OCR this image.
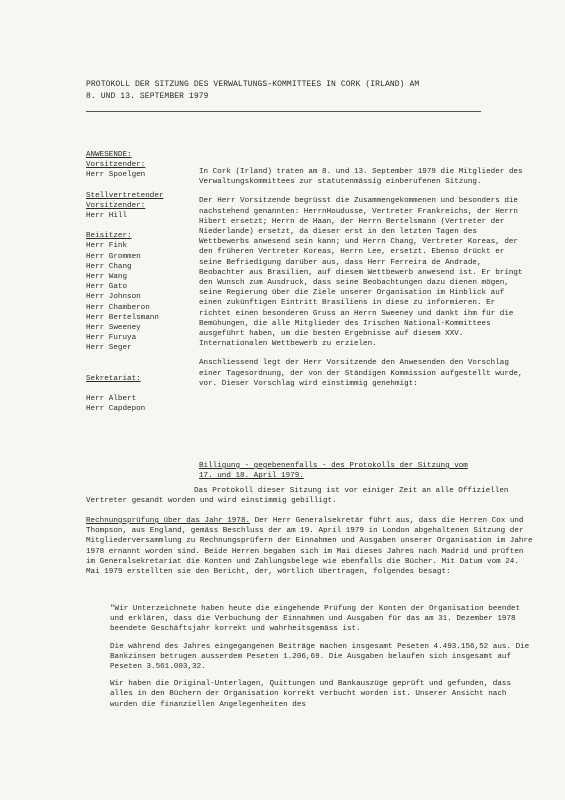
PROTOKOLL DER SITZUNG DES VERWALTUNGS-KOMMITTEES IN CORK (IRLAND) AM
8. UND 13. SEPTEMBER 1979
ANWESENDE:
Vorsitzender:
Herr Spoelgen
Stellvertretender
Vorsitzender:
Herr Hill
Beisitzer:
Herr Fink
Herr Grommen
Herr Chang
Herr Wang
Herr Gato
Herr Johnson
Herr Chamberon
Herr Bertelsmann
Herr Sweeney
Herr Furuya
Herr Seger
Sekretariat:
Herr Albert
Herr Capdepon

In Cork (Irland) traten am 8. und 13. September 1979 die Mitglieder des Verwaltungskommittees zur statutenmässig einberufenen Sitzung.

Der Herr Vorsitzende begrüsst die Zusammengekommenen und besonders die nachstehend genannten: HerrnHoudusse, Vertreter Frankreichs, der Herrn Hibert ersetzt; Herrn de Haan, der Herrn Bertelsmann (Vertreter der Niederlande) ersetzt, da dieser erst in den letzten Tagen des Wettbewerbs anwesend sein kann; und Herrn Chang, Vertreter Koreas, der den früheren Vertreter Koreas, Herrn Lee, ersetzt. Ebenso drückt er seine Befriedigung darüber aus, dass Herr Ferreira de Andrade, Beobachter aus Brasilien, auf diesem Wettbewerb anwesend ist. Er bringt den Wunsch zum Ausdruck, dass seine Beobachtungen dazu dienen mögen, seine Regierung über die Ziele unserer Organisation im Hinblick auf einen zukünftigen Eintritt Brasiliens in diese zu informieren. Er richtet einen besonderen Gruss an Herrn Sweeney und dankt ihm für die Bemühungen, die alle Mitglieder des Irischen National-Kommittees ausgeführt haben, um die besten Ergebnisse auf diesem XXV. Internationalen Wettbewerb zu erzielen.

Anschliessend legt der Herr Vorsitzende den Anwesenden den Vorschlag einer Tagesordnung, der von der Ständigen Kommission aufgestellt wurde, vor. Dieser Vorschlag wird einstimmig genehmigt:

Billigung - gegebenenfalls - des Protokolls der Sitzung vom
17. und 18. April 1979.

Das Protokoll dieser Sitzung ist vor einiger Zeit an alle Offiziellen Vertreter gesandt worden und wird einstimmig gebilligt.

Rechnungsprüfung über das Jahr 1978. Der Herr Generalsekretär führt aus, dass die Herren Cox und Thompson, aus England, gemäss Beschluss der am 19. April 1979 in London abgehaltenen Sitzung der Mitgliederversammlung zu Rechnungsprüfern der Einnahmen und Ausgaben unserer Organisation im Jahre 1978 ernannt worden sind. Beide Herren begaben sich im Mai dieses Jahres nach Madrid und prüften im Generalsekretariat die Konten und Zahlungsbelege wie ebenfalls die Bücher. Mit Datum vom 24. Mai 1979 erstellten sie den Bericht, der, wörtlich übertragen, folgendes besagt:

"Wir Unterzeichnete haben heute die eingehende Prüfung der Konten der Organisation beendet und erklären, dass die Verbuchung der Einnahmen und Ausgaben für das am 31. Dezember 1978 beendete Geschäftsjahr korrekt und wahrheitsgemäss ist.

Die während des Jahres eingegangenen Beiträge machen insgesamt Peseten 4.493.156,52 aus. Die Bankzinsen betrugen ausserdem Peseten 1.206,69. Die Ausgaben belaufen sich insgesamt auf Peseten 3.561.003,32.

Wir haben die Original-Unterlagen, Quittungen und Bankauszüge geprüft und gefunden, dass alles in den Büchern der Organisation korrekt verbucht worden ist. Unserer Ansicht nach wurden die finanziellen Angelegenheiten des
